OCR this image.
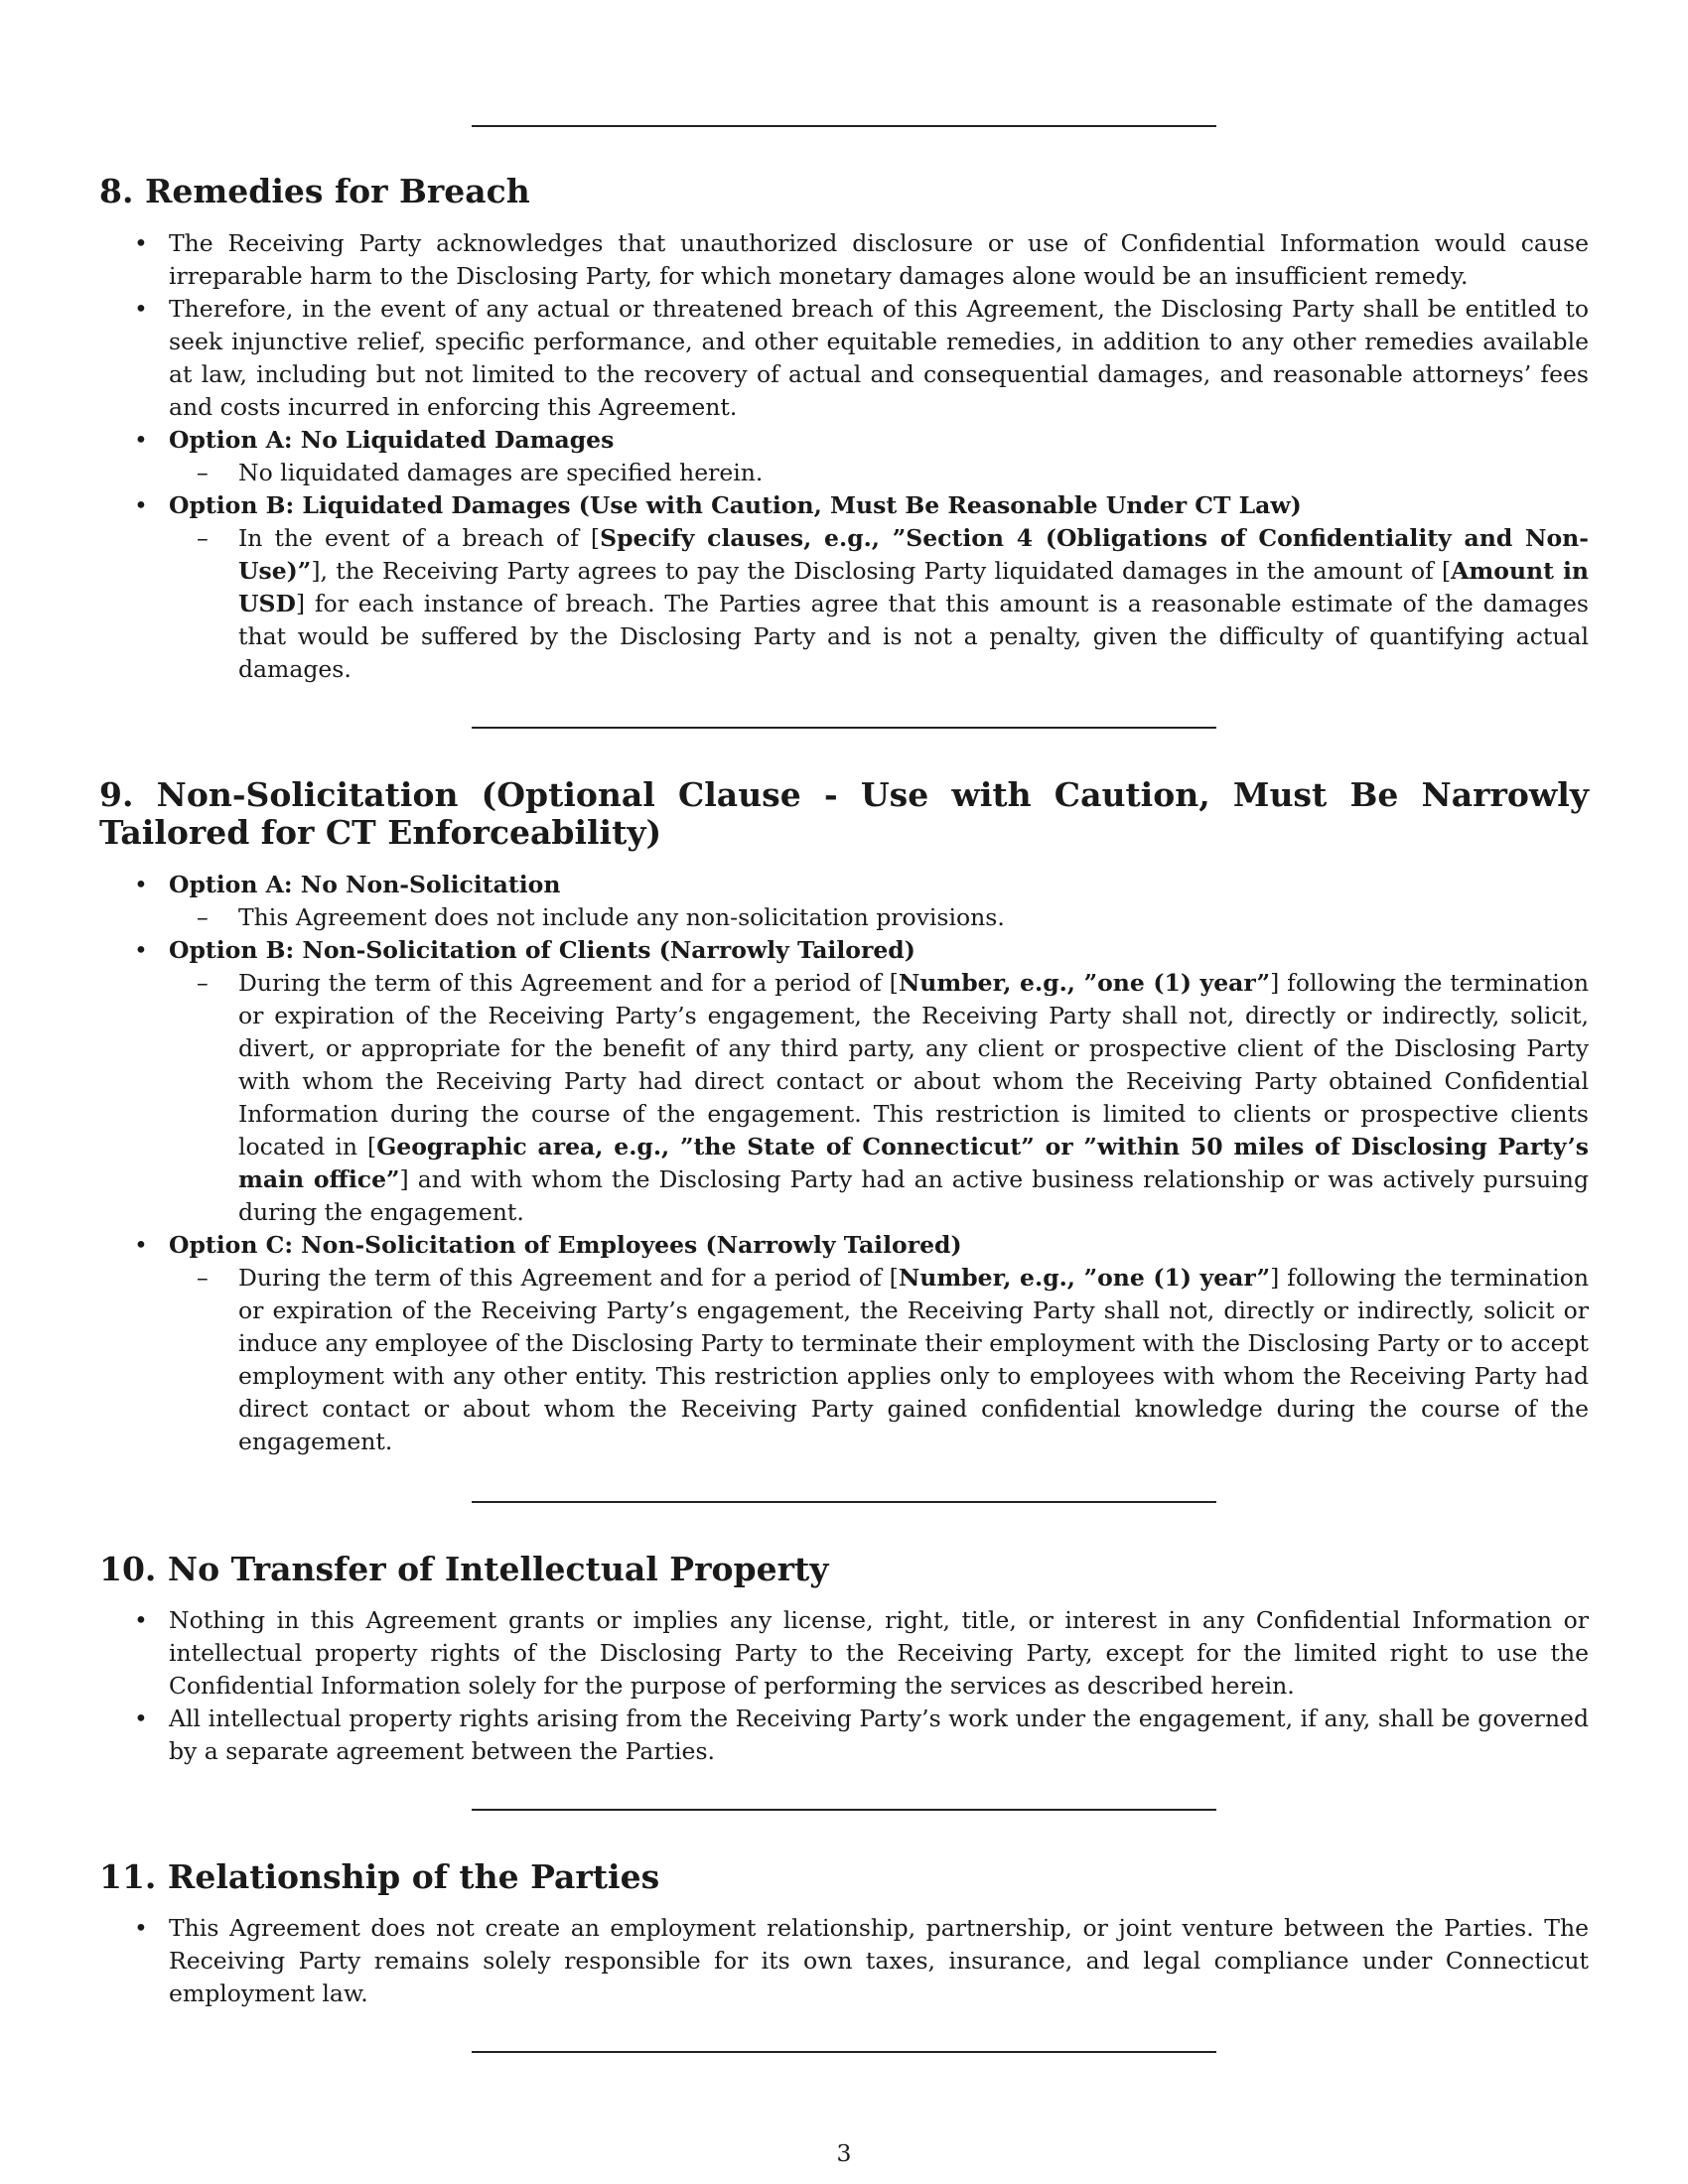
8. Remedies for Breach
• The Receiving Party acknowledges that unauthorized disclosure or use of Confidential Information would cause irreparable harm to the Disclosing Party, for which monetary damages alone would be an insufficient remedy.
• Therefore, in the event of any actual or threatened breach of this Agreement, the Disclosing Party shall be entitled to seek injunctive relief, specific performance, and other equitable remedies, in addition to any other remedies available at law, including but not limited to the recovery of actual and consequential damages, and reasonable attorneys’ fees and costs incurred in enforcing this Agreement.
• Option A: No Liquidated Damages
– No liquidated damages are specified herein.
• Option B: Liquidated Damages (Use with Caution, Must Be Reasonable Under CT Law)
– In the event of a breach of [Specify clauses, e.g., ”Section 4 (Obligations of Confidentiality and Non-Use)”], the Receiving Party agrees to pay the Disclosing Party liquidated damages in the amount of [Amount in USD] for each instance of breach. The Parties agree that this amount is a reasonable estimate of the damages that would be suffered by the Disclosing Party and is not a penalty, given the difficulty of quantifying actual damages.
9. Non-Solicitation (Optional Clause - Use with Caution, Must Be Narrowly Tailored for CT Enforceability)
• Option A: No Non-Solicitation
– This Agreement does not include any non-solicitation provisions.
• Option B: Non-Solicitation of Clients (Narrowly Tailored)
– During the term of this Agreement and for a period of [Number, e.g., ”one (1) year”] following the termination or expiration of the Receiving Party’s engagement, the Receiving Party shall not, directly or indirectly, solicit, divert, or appropriate for the benefit of any third party, any client or prospective client of the Disclosing Party with whom the Receiving Party had direct contact or about whom the Receiving Party obtained Confidential Information during the course of the engagement. This restriction is limited to clients or prospective clients located in [Geographic area, e.g., ”the State of Connecticut” or ”within 50 miles of Disclosing Party’s main office”] and with whom the Disclosing Party had an active business relationship or was actively pursuing during the engagement.
• Option C: Non-Solicitation of Employees (Narrowly Tailored)
– During the term of this Agreement and for a period of [Number, e.g., ”one (1) year”] following the termination or expiration of the Receiving Party’s engagement, the Receiving Party shall not, directly or indirectly, solicit or induce any employee of the Disclosing Party to terminate their employment with the Disclosing Party or to accept employment with any other entity. This restriction applies only to employees with whom the Receiving Party had direct contact or about whom the Receiving Party gained confidential knowledge during the course of the engagement.
10. No Transfer of Intellectual Property
• Nothing in this Agreement grants or implies any license, right, title, or interest in any Confidential Information or intellectual property rights of the Disclosing Party to the Receiving Party, except for the limited right to use the Confidential Information solely for the purpose of performing the services as described herein.
• All intellectual property rights arising from the Receiving Party’s work under the engagement, if any, shall be governed by a separate agreement between the Parties.
11. Relationship of the Parties
• This Agreement does not create an employment relationship, partnership, or joint venture between the Parties. The Receiving Party remains solely responsible for its own taxes, insurance, and legal compliance under Connecticut employment law.
3
